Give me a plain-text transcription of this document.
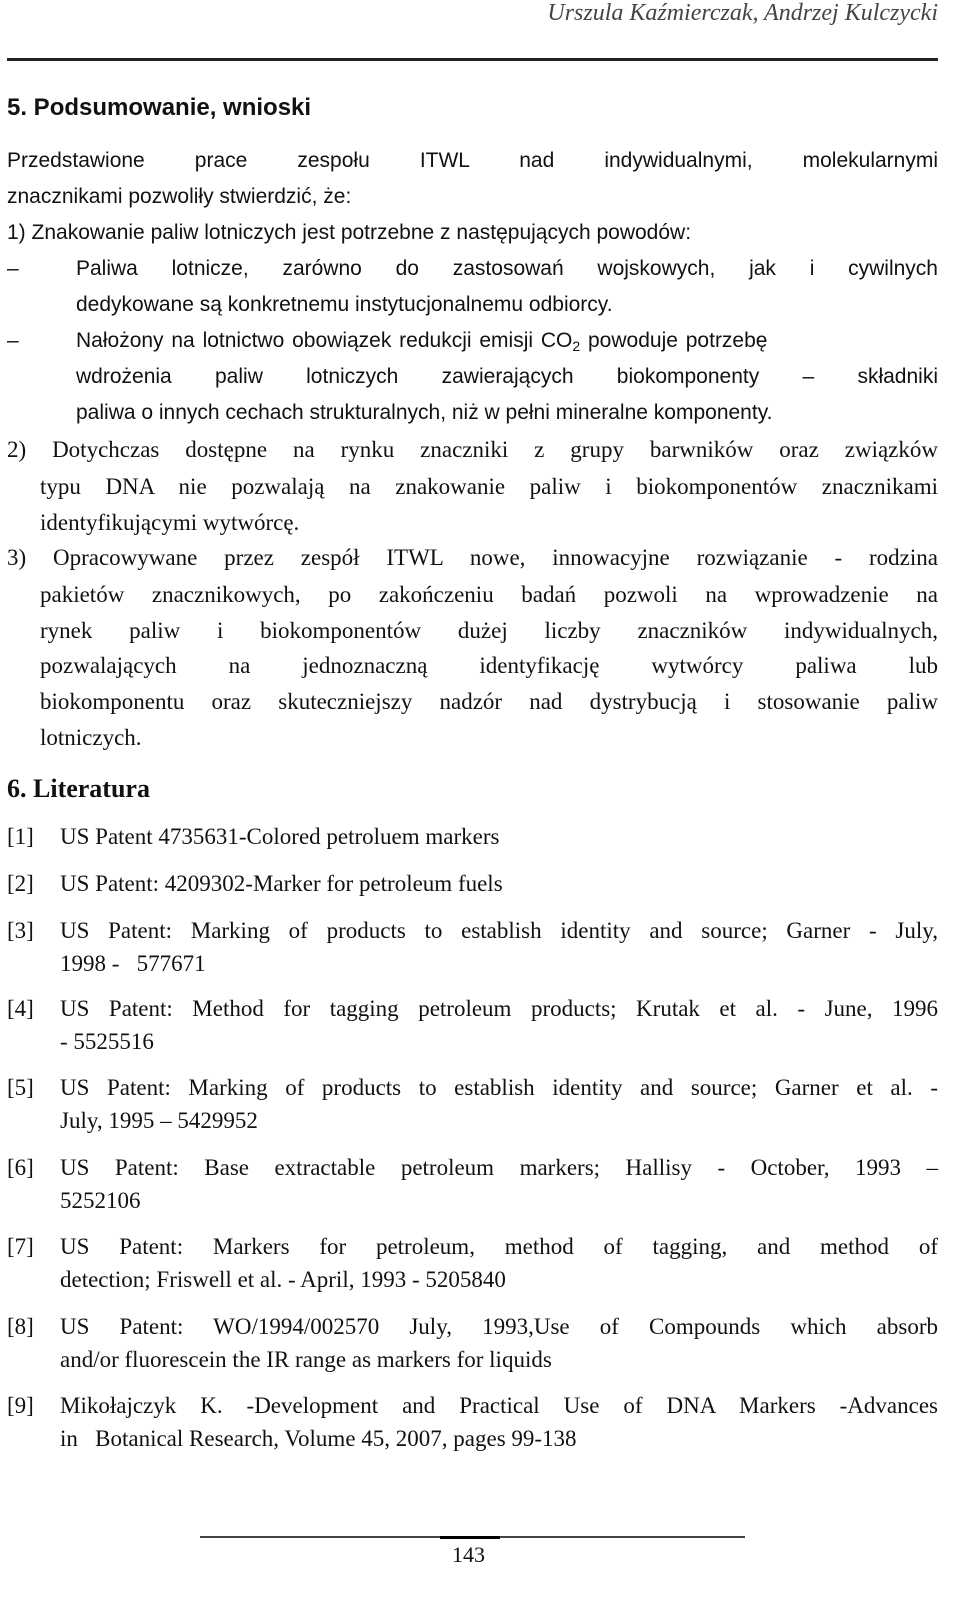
Urszula Kaźmierczak, Andrzej Kulczycki
5. Podsumowanie, wnioski
Przedstawione prace zespołu ITWL nad indywidualnymi, molekularnymi
znacznikami pozwoliły stwierdzić, że:
1) Znakowanie paliw lotniczych jest potrzebne z następujących powodów:
–	Paliwa lotnicze, zarówno do zastosowań wojskowych, jak i cywilnych
dedykowane są konkretnemu instytucjonalnemu odbiorcy.
–	Nałożony na lotnictwo obowiązek redukcji emisji $CO_2$ powoduje potrzebę
wdrożenia paliw lotniczych zawierających biokomponenty – składniki
paliwa o innych cechach strukturalnych, niż w pełni mineralne komponenty.
2) Dotychczas dostępne na rynku znaczniki z grupy barwników oraz związków
typu DNA nie pozwalają na znakowanie paliw i biokomponentów znacznikami
identyfikującymi wytwórcę.
3) Opracowywane przez zespół ITWL nowe, innowacyjne rozwiązanie - rodzina
pakietów znacznikowych, po zakończeniu badań pozwoli na wprowadzenie na
rynek paliw i biokomponentów dużej liczby znaczników indywidualnych,
pozwalających na jednoznaczną identyfikację wytwórcy paliwa lub
biokomponentu oraz skuteczniejszy nadzór nad dystrybucją i stosowanie paliw
lotniczych.
6. Literatura
[1] US Patent 4735631-Colored petroluem markers
[2] US Patent: 4209302-Marker for petroleum fuels
[3] US Patent: Marking of products to establish identity and source; Garner - July,
1998 -   577671
[4] US Patent: Method for tagging petroleum products; Krutak et al. - June, 1996
- 5525516
[5] US Patent: Marking of products to establish identity and source; Garner et al. -
July, 1995 – 5429952
[6] US Patent: Base extractable petroleum markers; Hallisy - October, 1993 –
5252106
[7] US Patent: Markers for petroleum, method of tagging, and method of
detection; Friswell et al. - April, 1993 - 5205840
[8] US Patent: WO/1994/002570 July, 1993,Use of Compounds which absorb
and/or fluorescein the IR range as markers for liquids
[9] Mikołajczyk K. -Development and Practical Use of DNA Markers -Advances
in   Botanical Research, Volume 45, 2007, pages 99-138
143
